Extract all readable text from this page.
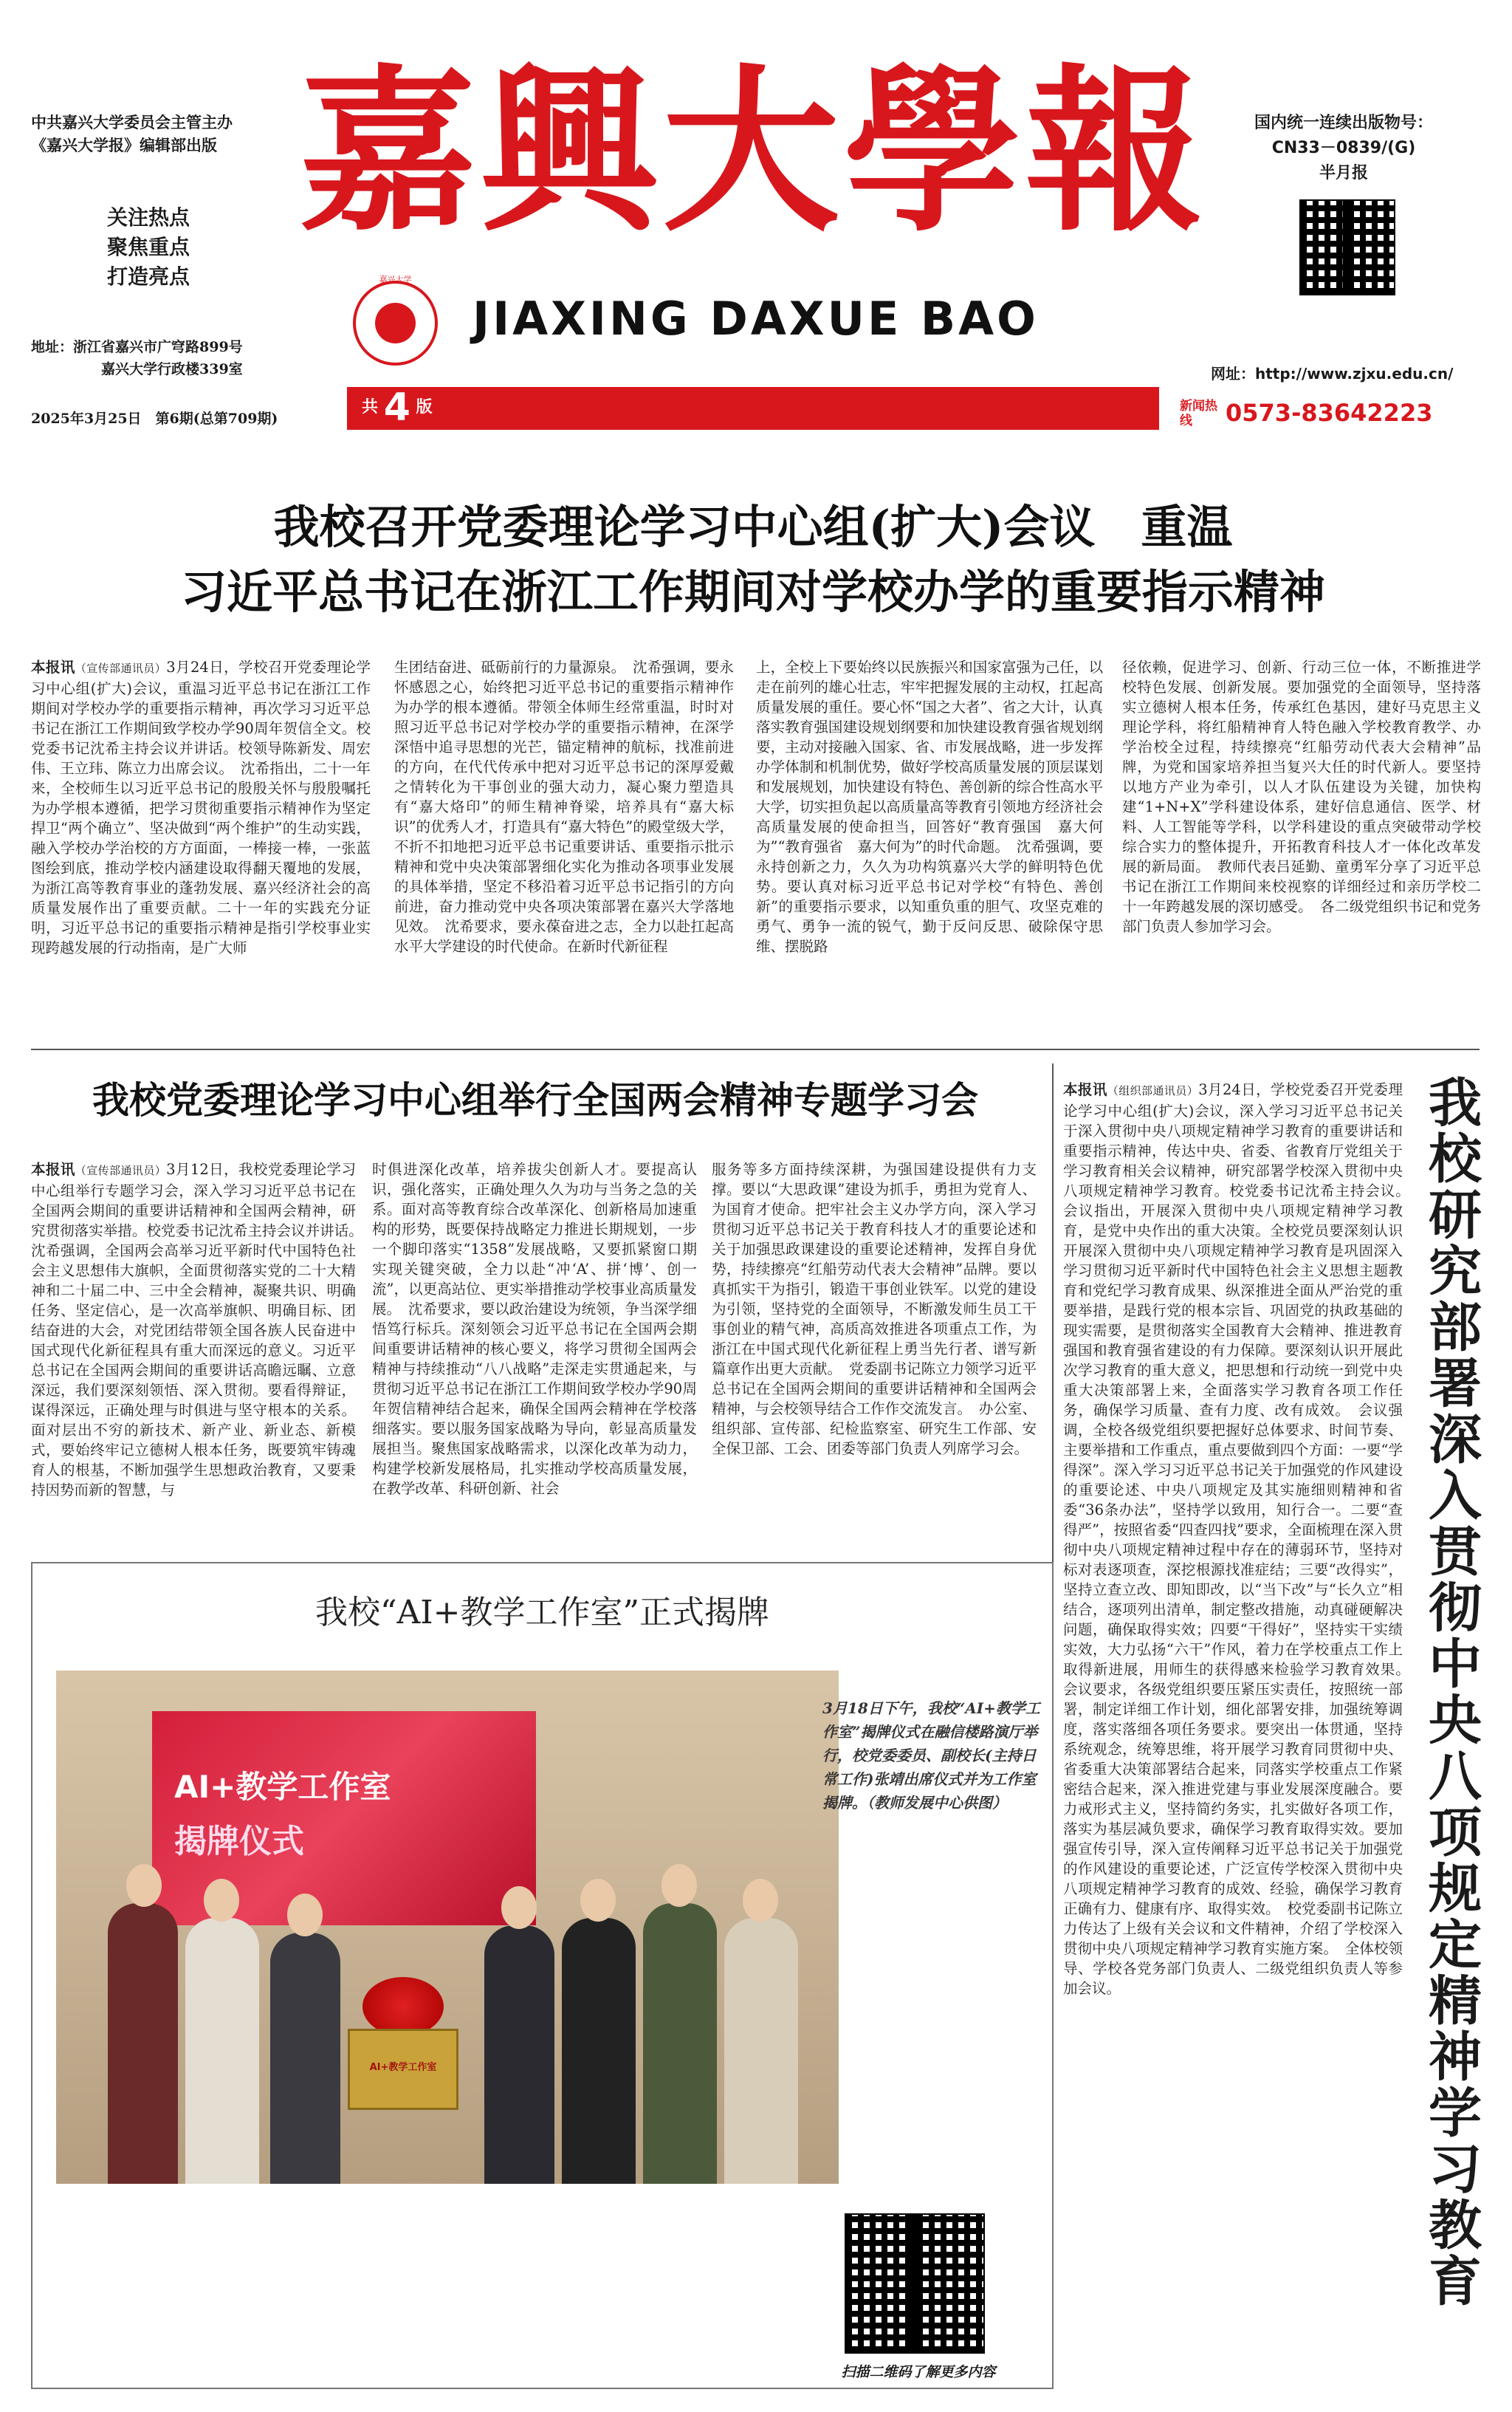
中共嘉兴大学委员会主管主办
《嘉兴大学报》编辑部出版
关注热点
聚焦重点
打造亮点
地址：浙江省嘉兴市广穹路899号
嘉兴大学行政楼339室
嘉興大學報
嘉兴大学
JIAXING DAXUE BAO
国内统一连续出版物号：
CN33－0839/(G)
半月报
网址：http://www.zjxu.edu.cn/
2025年3月25日　第6期(总第709期)
共 4 版	新闻热线	0573-83642223
我校召开党委理论学习中心组(扩大)会议　重温
习近平总书记在浙江工作期间对学校办学的重要指示精神
本报讯（宣传部通讯员）3月24日，学校召开党委理论学习中心组(扩大)会议，重温习近平总书记在浙江工作期间对学校办学的重要指示精神，再次学习习近平总书记在浙江工作期间致学校办学90周年贺信全文。校党委书记沈希主持会议并讲话。校领导陈新发、周宏伟、王立玮、陈立力出席会议。　沈希指出，二十一年来，全校师生以习近平总书记的殷殷关怀与殷殷嘱托为办学根本遵循，把学习贯彻重要指示精神作为坚定捍卫“两个确立”、坚决做到“两个维护”的生动实践，融入学校办学治校的方方面面，一棒接一棒，一张蓝图绘到底，推动学校内涵建设取得翻天覆地的发展，为浙江高等教育事业的蓬勃发展、嘉兴经济社会的高质量发展作出了重要贡献。二十一年的实践充分证明，习近平总书记的重要指示精神是指引学校事业实现跨越发展的行动指南，是广大师
生团结奋进、砥砺前行的力量源泉。　沈希强调，要永怀感恩之心，始终把习近平总书记的重要指示精神作为办学的根本遵循。带领全体师生经常重温，时时对照习近平总书记对学校办学的重要指示精神，在深学深悟中追寻思想的光芒，锚定精神的航标，找准前进的方向，在代代传承中把对习近平总书记的深厚爱戴之情转化为干事创业的强大动力，凝心聚力塑造具有“嘉大烙印”的师生精神脊梁，培养具有“嘉大标识”的优秀人才，打造具有“嘉大特色”的殿堂级大学，不折不扣地把习近平总书记重要讲话、重要指示批示精神和党中央决策部署细化实化为推动各项事业发展的具体举措，坚定不移沿着习近平总书记指引的方向前进，奋力推动党中央各项决策部署在嘉兴大学落地见效。　沈希要求，要永葆奋进之志，全力以赴扛起高水平大学建设的时代使命。在新时代新征程
上，全校上下要始终以民族振兴和国家富强为己任，以走在前列的雄心壮志，牢牢把握发展的主动权，扛起高质量发展的重任。要心怀“国之大者”、省之大计，认真落实教育强国建设规划纲要和加快建设教育强省规划纲要，主动对接融入国家、省、市发展战略，进一步发挥办学体制和机制优势，做好学校高质量发展的顶层谋划和发展规划，加快建设有特色、善创新的综合性高水平大学，切实担负起以高质量高等教育引领地方经济社会高质量发展的使命担当，回答好“教育强国　嘉大何为”“教育强省　嘉大何为”的时代命题。　沈希强调，要永持创新之力，久久为功构筑嘉兴大学的鲜明特色优势。要认真对标习近平总书记对学校“有特色、善创新”的重要指示要求，以知重负重的胆气、攻坚克难的勇气、勇争一流的锐气，勤于反问反思、破除保守思维、摆脱路
径依赖，促进学习、创新、行动三位一体，不断推进学校特色发展、创新发展。要加强党的全面领导，坚持落实立德树人根本任务，传承红色基因，建好马克思主义理论学科，将红船精神育人特色融入学校教育教学、办学治校全过程，持续擦亮“红船劳动代表大会精神”品牌，为党和国家培养担当复兴大任的时代新人。要坚持以地方产业为牵引，以人才队伍建设为关键，加快构建“1+N+X”学科建设体系，建好信息通信、医学、材料、人工智能等学科，以学科建设的重点突破带动学校综合实力的整体提升，开拓教育科技人才一体化改革发展的新局面。　教师代表吕延勤、童勇军分享了习近平总书记在浙江工作期间来校视察的详细经过和亲历学校二十一年跨越发展的深切感受。　各二级党组织书记和党务部门负责人参加学习会。
我校党委理论学习中心组举行全国两会精神专题学习会
本报讯（宣传部通讯员）3月12日，我校党委理论学习中心组举行专题学习会，深入学习习近平总书记在全国两会期间的重要讲话精神和全国两会精神，研究贯彻落实举措。校党委书记沈希主持会议并讲话。　沈希强调，全国两会高举习近平新时代中国特色社会主义思想伟大旗帜，全面贯彻落实党的二十大精神和二十届二中、三中全会精神，凝聚共识、明确任务、坚定信心，是一次高举旗帜、明确目标、团结奋进的大会，对党团结带领全国各族人民奋进中国式现代化新征程具有重大而深远的意义。习近平总书记在全国两会期间的重要讲话高瞻远瞩、立意深远，我们要深刻领悟、深入贯彻。要看得辩证，谋得深远，正确处理与时俱进与坚守根本的关系。面对层出不穷的新技术、新产业、新业态、新模式，要始终牢记立德树人根本任务，既要筑牢铸魂育人的根基，不断加强学生思想政治教育，又要秉持因势而新的智慧，与
时俱进深化改革，培养拔尖创新人才。要提高认识，强化落实，正确处理久久为功与当务之急的关系。面对高等教育综合改革深化、创新格局加速重构的形势，既要保持战略定力推进长期规划，一步一个脚印落实“1358”发展战略，又要抓紧窗口期实现关键突破，全力以赴“冲‘A’、拼‘博’、创一流”，以更高站位、更实举措推动学校事业高质量发展。　沈希要求，要以政治建设为统领，争当深学细悟笃行标兵。深刻领会习近平总书记在全国两会期间重要讲话精神的核心要义，将学习贯彻全国两会精神与持续推动“八八战略”走深走实贯通起来，与贯彻习近平总书记在浙江工作期间致学校办学90周年贺信精神结合起来，确保全国两会精神在学校落细落实。要以服务国家战略为导向，彰显高质量发展担当。聚焦国家战略需求，以深化改革为动力，构建学校新发展格局，扎实推动学校高质量发展，在教学改革、科研创新、社会
服务等多方面持续深耕，为强国建设提供有力支撑。要以“大思政课”建设为抓手，勇担为党育人、为国育才使命。把牢社会主义办学方向，深入学习贯彻习近平总书记关于教育科技人才的重要论述和关于加强思政课建设的重要论述精神，发挥自身优势，持续擦亮“红船劳动代表大会精神”品牌。要以真抓实干为指引，锻造干事创业铁军。以党的建设为引领，坚持党的全面领导，不断激发师生员工干事创业的精气神，高质高效推进各项重点工作，为浙江在中国式现代化新征程上勇当先行者、谱写新篇章作出更大贡献。　党委副书记陈立力领学习近平总书记在全国两会期间的重要讲话精神和全国两会精神，与会校领导结合工作作交流发言。　办公室、组织部、宣传部、纪检监察室、研究生工作部、安全保卫部、工会、团委等部门负责人列席学习会。
本报讯（组织部通讯员）3月24日，学校党委召开党委理论学习中心组(扩大)会议，深入学习习近平总书记关于深入贯彻中央八项规定精神学习教育的重要讲话和重要指示精神，传达中央、省委、省教育厅党组关于学习教育相关会议精神，研究部署学校深入贯彻中央八项规定精神学习教育。校党委书记沈希主持会议。　会议指出，开展深入贯彻中央八项规定精神学习教育，是党中央作出的重大决策。全校党员要深刻认识开展深入贯彻中央八项规定精神学习教育是巩固深入学习贯彻习近平新时代中国特色社会主义思想主题教育和党纪学习教育成果、纵深推进全面从严治党的重要举措，是践行党的根本宗旨、巩固党的执政基础的现实需要，是贯彻落实全国教育大会精神、推进教育强国和教育强省建设的有力保障。要深刻认识开展此次学习教育的重大意义，把思想和行动统一到党中央重大决策部署上来，全面落实学习教育各项工作任务，确保学习质量、查有力度、改有成效。　会议强调，全校各级党组织要把握好总体要求、时间节奏、主要举措和工作重点，重点要做到四个方面：一要“学得深”。深入学习习近平总书记关于加强党的作风建设的重要论述、中央八项规定及其实施细则精神和省委“36条办法”，坚持学以致用，知行合一。二要“查得严”，按照省委“四查四找”要求，全面梳理在深入贯彻中央八项规定精神过程中存在的薄弱环节，坚持对标对表逐项查，深挖根源找准症结；三要“改得实”，坚持立查立改、即知即改，以“当下改”与“长久立”相结合，逐项列出清单，制定整改措施，动真碰硬解决问题，确保取得实效；四要“干得好”，坚持实干实绩实效，大力弘扬“六干”作风，着力在学校重点工作上取得新进展，用师生的获得感来检验学习教育效果。　会议要求，各级党组织要压紧压实责任，按照统一部署，制定详细工作计划，细化部署安排，加强统筹调度，落实落细各项任务要求。要突出一体贯通，坚持系统观念，统筹思维，将开展学习教育同贯彻中央、省委重大决策部署结合起来，同落实学校重点工作紧密结合起来，深入推进党建与事业发展深度融合。要力戒形式主义，坚持简约务实，扎实做好各项工作，落实为基层减负要求，确保学习教育取得实效。要加强宣传引导，深入宣传阐释习近平总书记关于加强党的作风建设的重要论述，广泛宣传学校深入贯彻中央八项规定精神学习教育的成效、经验，确保学习教育正确有力、健康有序、取得实效。　校党委副书记陈立力传达了上级有关会议和文件精神，介绍了学校深入贯彻中央八项规定精神学习教育实施方案。　全体校领导、学校各党务部门负责人、二级党组织负责人等参加会议。	我校研究部署深入贯彻中央八项规定精神学习教育
我校“AI+教学工作室”正式揭牌
AI+教学工作室
揭牌仪式
AI+教学工作室
3月18日下午，我校“AI+教学工作室”揭牌仪式在融信楼路演厅举行，校党委委员、副校长(主持日常工作)张靖出席仪式并为工作室揭牌。（教师发展中心供图）
扫描二维码了解更多内容
